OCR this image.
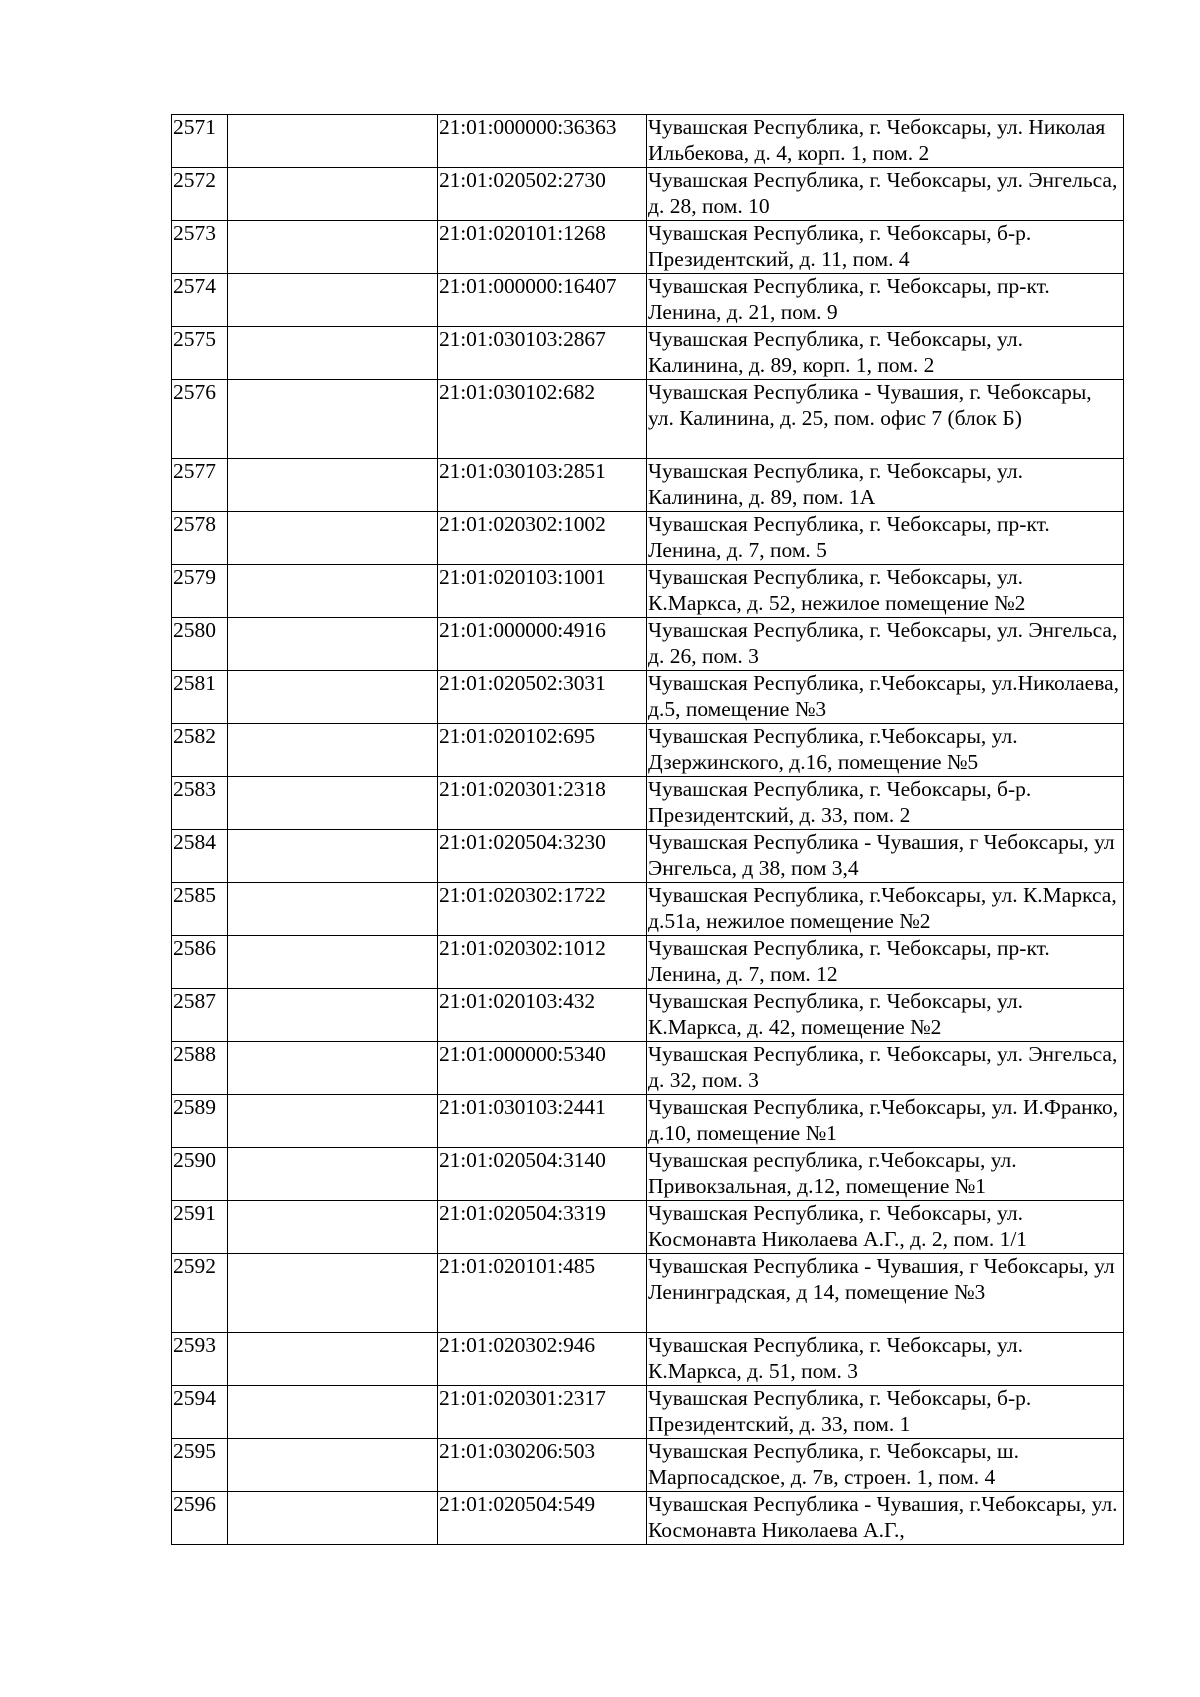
2571		21:01:000000:36363	Чувашская Республика, г. Чебоксары, ул. Николая Ильбекова, д. 4, корп. 1, пом. 2
2572		21:01:020502:2730	Чувашская Республика, г. Чебоксары, ул. Энгельса, д. 28, пом. 10
2573		21:01:020101:1268	Чувашская Республика, г. Чебоксары, б-р. Президентский, д. 11, пом. 4
2574		21:01:000000:16407	Чувашская Республика, г. Чебоксары, пр-кт. Ленина, д. 21, пом. 9
2575		21:01:030103:2867	Чувашская Республика, г. Чебоксары, ул. Калинина, д. 89, корп. 1, пом. 2
2576		21:01:030102:682	Чувашская Республика - Чувашия, г. Чебоксары, ул. Калинина, д. 25, пом. офис 7 (блок Б)
2577		21:01:030103:2851	Чувашская Республика, г. Чебоксары, ул. Калинина, д. 89, пом. 1А
2578		21:01:020302:1002	Чувашская Республика, г. Чебоксары, пр-кт. Ленина, д. 7, пом. 5
2579		21:01:020103:1001	Чувашская Республика, г. Чебоксары, ул. К.Маркса, д. 52, нежилое помещение №2
2580		21:01:000000:4916	Чувашская Республика, г. Чебоксары, ул. Энгельса, д. 26, пом. 3
2581		21:01:020502:3031	Чувашская Республика, г.Чебоксары, ул.Николаева, д.5, помещение №3
2582		21:01:020102:695	Чувашская Республика, г.Чебоксары, ул. Дзержинского, д.16, помещение №5
2583		21:01:020301:2318	Чувашская Республика, г. Чебоксары, б-р. Президентский, д. 33, пом. 2
2584		21:01:020504:3230	Чувашская Республика - Чувашия, г Чебоксары, ул Энгельса, д 38, пом 3,4
2585		21:01:020302:1722	Чувашская Республика, г.Чебоксары, ул. К.Маркса, д.51а, нежилое помещение №2
2586		21:01:020302:1012	Чувашская Республика, г. Чебоксары, пр-кт. Ленина, д. 7, пом. 12
2587		21:01:020103:432	Чувашская Республика, г. Чебоксары, ул. К.Маркса, д. 42, помещение №2
2588		21:01:000000:5340	Чувашская Республика, г. Чебоксары, ул. Энгельса, д. 32, пом. 3
2589		21:01:030103:2441	Чувашская Республика, г.Чебоксары, ул. И.Франко, д.10, помещение №1
2590		21:01:020504:3140	Чувашская республика, г.Чебоксары, ул. Привокзальная, д.12, помещение №1
2591		21:01:020504:3319	Чувашская Республика, г. Чебоксары, ул. Космонавта Николаева А.Г., д. 2, пом. 1/1
2592		21:01:020101:485	Чувашская Республика - Чувашия, г Чебоксары, ул Ленинградская, д 14, помещение №3
2593		21:01:020302:946	Чувашская Республика, г. Чебоксары, ул. К.Маркса, д. 51, пом. 3
2594		21:01:020301:2317	Чувашская Республика, г. Чебоксары, б-р. Президентский, д. 33, пом. 1
2595		21:01:030206:503	Чувашская Республика, г. Чебоксары, ш. Марпосадское, д. 7в, строен. 1, пом. 4
2596		21:01:020504:549	Чувашская Республика - Чувашия, г.Чебоксары, ул. Космонавта Николаева А.Г.,
